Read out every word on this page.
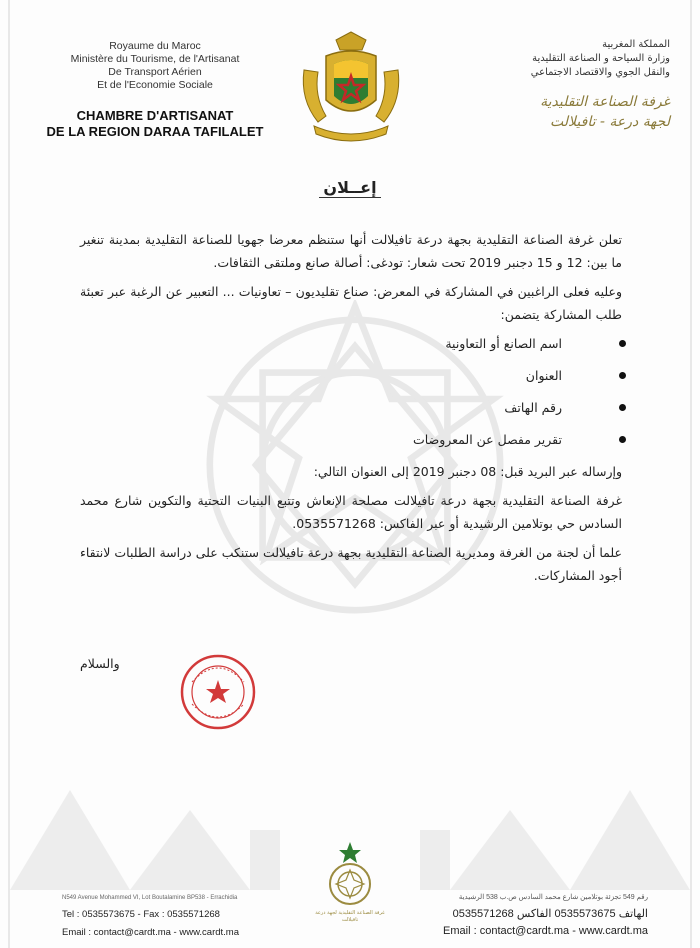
Royaume du Maroc
Ministère du Tourisme, de l'Artisanat
De Transport Aérien
Et de l'Economie Sociale
CHAMBRE D'ARTISANAT
DE LA REGION DARAA TAFILALET
المملكة المغربية
وزارة السياحة و الصناعة التقليدية
والنقل الجوي والاقتصاد الاجتماعي
غرفة الصناعة التقليدية
لجهة درعة - تافيلالت
إعــلان

تعلن غرفة الصناعة التقليدية بجهة درعة تافيلالت أنها ستنظم معرضا جهويا للصناعة التقليدية بمدينة تنغير ما بين: 12 و 15 دجنبر 2019 تحت شعار: تودغى: أصالة صانع وملتقى الثقافات.

وعليه فعلى الراغبين في المشاركة في المعرض: صناع تقليديون – تعاونيات ... التعبير عن الرغبة عبر تعبئة طلب المشاركة يتضمن:

اسم الصانع أو التعاونية
العنوان
رقم الهاتف
تقرير مفصل عن المعروضات

وإرساله عبر البريد قبل: 08 دجنبر 2019 إلى العنوان التالي:

غرفة الصناعة التقليدية بجهة درعة تافيلالت مصلحة الإنعاش وتتبع البنيات التحتية والتكوين شارع محمد السادس حي بوتلامين الرشيدية أو عبر الفاكس: 0535571268.

علما أن لجنة من الغرفة ومديرية الصناعة التقليدية بجهة درعة تافيلالت ستنكب على دراسة الطلبات لانتقاء أجود المشاركات.

والسلام
N549 Avenue Mohammed VI, Lot Boutalamine BP538 - Errachidia
Tel : 0535573675 - Fax : 0535571268
Email : contact@cardt.ma - www.cardt.ma
غرفة الصناعة التقليدية لجهة درعة تافيلالت
رقم 549 تجزئة بوتلامين شارع محمد السادس ص.ب 538 الرشيدية
الهاتف 0535573675 الفاكس 0535571268
Email : contact@cardt.ma - www.cardt.ma
